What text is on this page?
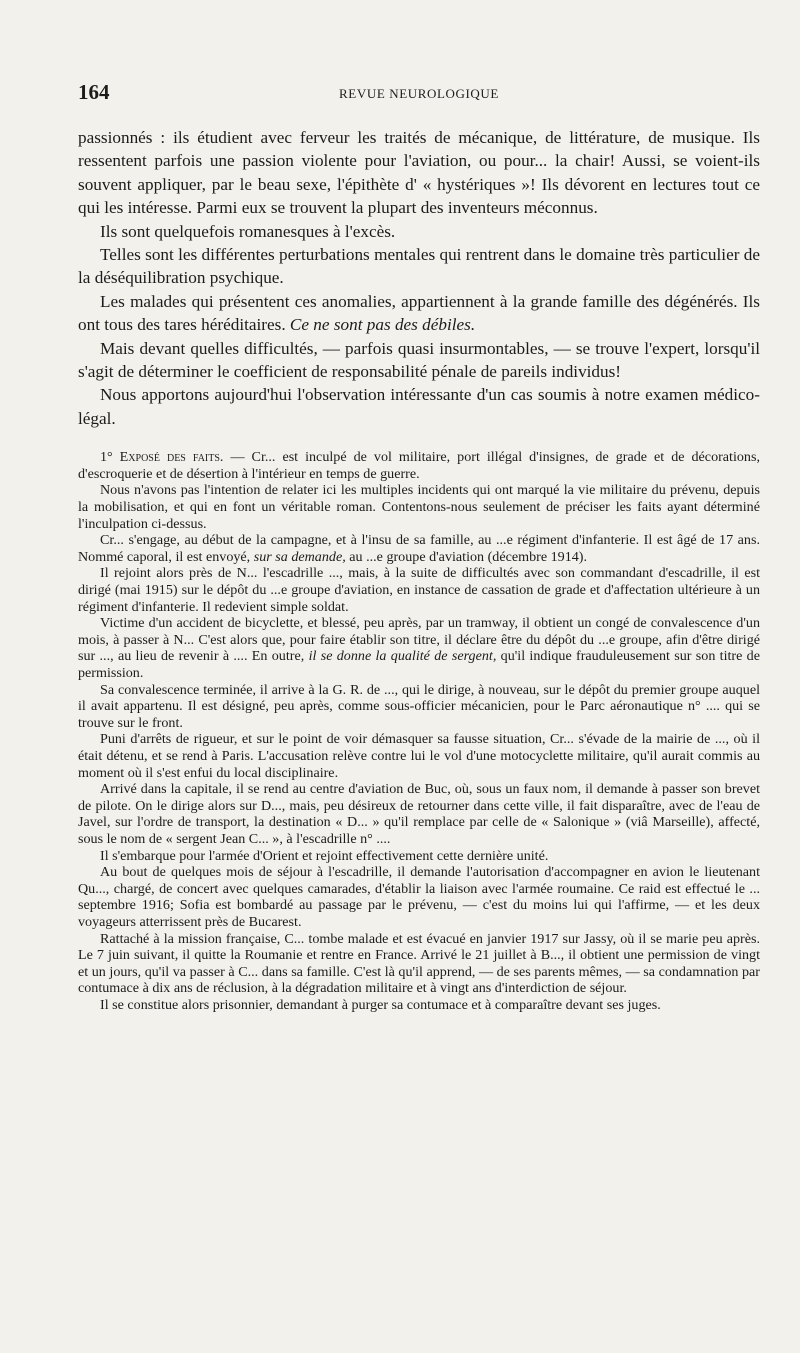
164	REVUE NEUROLOGIQUE

passionnés : ils étudient avec ferveur les traités de mécanique, de littérature, de musique. Ils ressentent parfois une passion violente pour l'aviation, ou pour... la chair! Aussi, se voient-ils souvent appliquer, par le beau sexe, l'épithète d' « hystériques »! Ils dévorent en lectures tout ce qui les intéresse. Parmi eux se trouvent la plupart des inventeurs méconnus.

Ils sont quelquefois romanesques à l'excès.

Telles sont les différentes perturbations mentales qui rentrent dans le domaine très particulier de la déséquilibration psychique.

Les malades qui présentent ces anomalies, appartiennent à la grande famille des dégénérés. Ils ont tous des tares héréditaires. Ce ne sont pas des débiles.

Mais devant quelles difficultés, — parfois quasi insurmontables, — se trouve l'expert, lorsqu'il s'agit de déterminer le coefficient de responsabilité pénale de pareils individus!

Nous apportons aujourd'hui l'observation intéressante d'un cas soumis à notre examen médico-légal.

1° Exposé des faits. — Cr... est inculpé de vol militaire, port illégal d'insignes, de grade et de décorations, d'escroquerie et de désertion à l'intérieur en temps de guerre.

Nous n'avons pas l'intention de relater ici les multiples incidents qui ont marqué la vie militaire du prévenu, depuis la mobilisation, et qui en font un véritable roman. Contentons-nous seulement de préciser les faits ayant déterminé l'inculpation ci-dessus.

Cr... s'engage, au début de la campagne, et à l'insu de sa famille, au ...e régiment d'infanterie. Il est âgé de 17 ans. Nommé caporal, il est envoyé, sur sa demande, au ...e groupe d'aviation (décembre 1914).

Il rejoint alors près de N... l'escadrille ..., mais, à la suite de difficultés avec son commandant d'escadrille, il est dirigé (mai 1915) sur le dépôt du ...e groupe d'aviation, en instance de cassation de grade et d'affectation ultérieure à un régiment d'infanterie. Il redevient simple soldat.

Victime d'un accident de bicyclette, et blessé, peu après, par un tramway, il obtient un congé de convalescence d'un mois, à passer à N... C'est alors que, pour faire établir son titre, il déclare être du dépôt du ...e groupe, afin d'être dirigé sur ..., au lieu de revenir à .... En outre, il se donne la qualité de sergent, qu'il indique frauduleusement sur son titre de permission.

Sa convalescence terminée, il arrive à la G. R. de ..., qui le dirige, à nouveau, sur le dépôt du premier groupe auquel il avait appartenu. Il est désigné, peu après, comme sous-officier mécanicien, pour le Parc aéronautique n° .... qui se trouve sur le front.

Puni d'arrêts de rigueur, et sur le point de voir démasquer sa fausse situation, Cr... s'évade de la mairie de ..., où il était détenu, et se rend à Paris. L'accusation relève contre lui le vol d'une motocyclette militaire, qu'il aurait commis au moment où il s'est enfui du local disciplinaire.

Arrivé dans la capitale, il se rend au centre d'aviation de Buc, où, sous un faux nom, il demande à passer son brevet de pilote. On le dirige alors sur D..., mais, peu désireux de retourner dans cette ville, il fait disparaître, avec de l'eau de Javel, sur l'ordre de transport, la destination « D... » qu'il remplace par celle de « Salonique » (viâ Marseille), affecté, sous le nom de « sergent Jean C... », à l'escadrille n° ....

Il s'embarque pour l'armée d'Orient et rejoint effectivement cette dernière unité.

Au bout de quelques mois de séjour à l'escadrille, il demande l'autorisation d'accompagner en avion le lieutenant Qu..., chargé, de concert avec quelques camarades, d'établir la liaison avec l'armée roumaine. Ce raid est effectué le ... septembre 1916; Sofia est bombardé au passage par le prévenu, — c'est du moins lui qui l'affirme, — et les deux voyageurs atterrissent près de Bucarest.

Rattaché à la mission française, C... tombe malade et est évacué en janvier 1917 sur Jassy, où il se marie peu après. Le 7 juin suivant, il quitte la Roumanie et rentre en France. Arrivé le 21 juillet à B..., il obtient une permission de vingt et un jours, qu'il va passer à C... dans sa famille. C'est là qu'il apprend, — de ses parents mêmes, — sa condamnation par contumace à dix ans de réclusion, à la dégradation militaire et à vingt ans d'interdiction de séjour.

Il se constitue alors prisonnier, demandant à purger sa contumace et à comparaître devant ses juges.
